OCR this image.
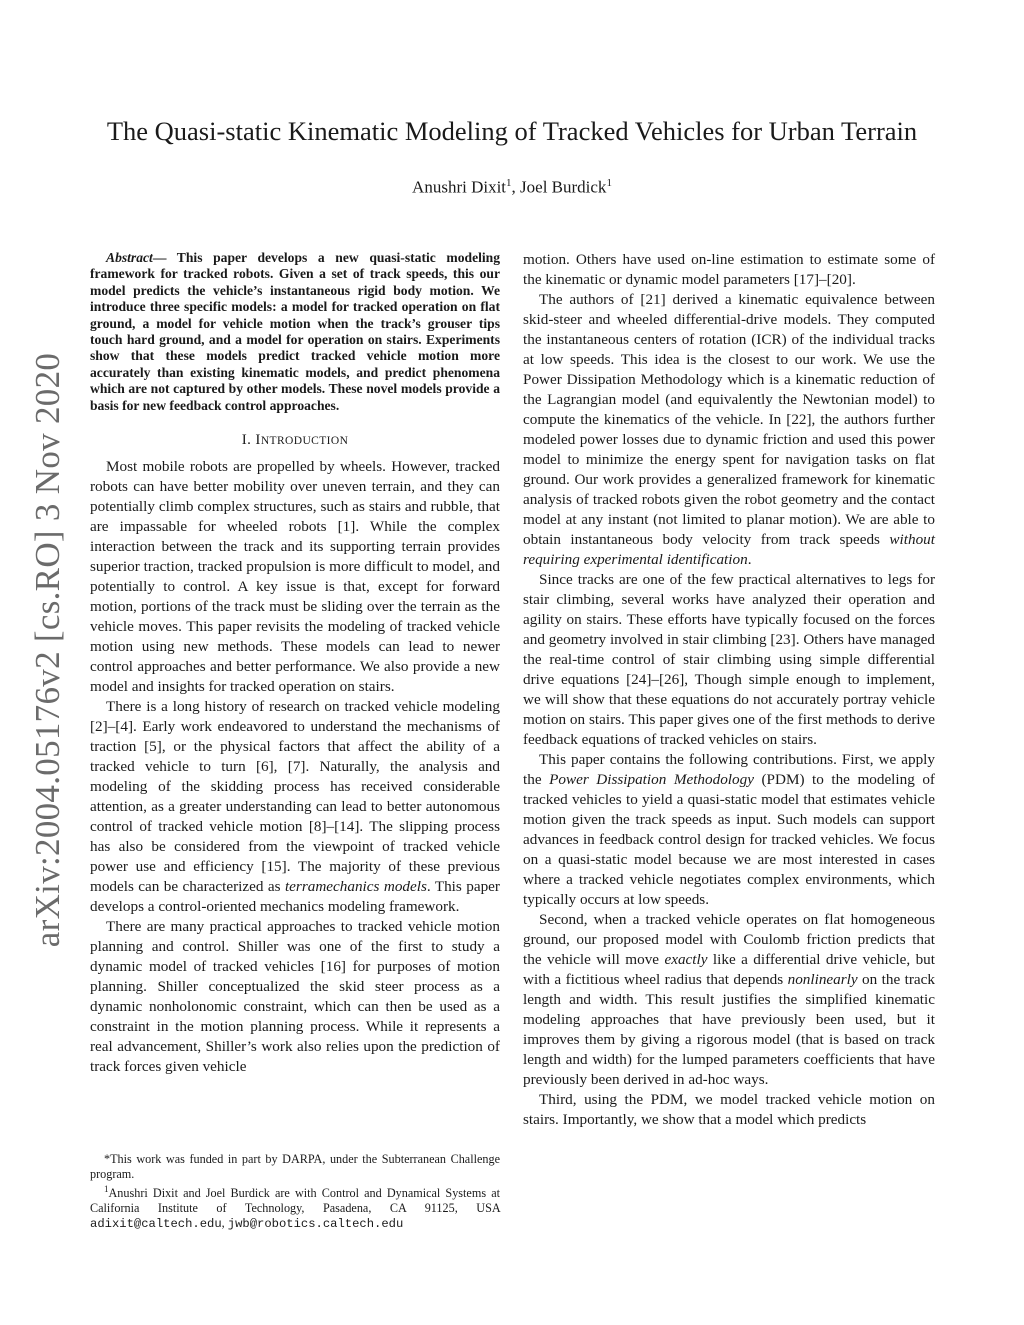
arXiv:2004.05176v2 [cs.RO] 3 Nov 2020
The Quasi-static Kinematic Modeling of Tracked Vehicles for Urban Terrain
Anushri Dixit$^1$, Joel Burdick$^1$

Abstract— This paper develops a new quasi-static modeling framework for tracked robots. Given a set of track speeds, this our model predicts the vehicle’s instantaneous rigid body motion. We introduce three specific models: a model for tracked operation on flat ground, a model for vehicle motion when the track’s grouser tips touch hard ground, and a model for operation on stairs. Experiments show that these models predict tracked vehicle motion more accurately than existing kinematic models, and predict phenomena which are not captured by other models. These novel models provide a basis for new feedback control approaches.

I. INTRODUCTION

Most mobile robots are propelled by wheels. However, tracked robots can have better mobility over uneven terrain, and they can potentially climb complex structures, such as stairs and rubble, that are impassable for wheeled robots [1]. While the complex interaction between the track and its supporting terrain provides superior traction, tracked propulsion is more difficult to model, and potentially to control. A key issue is that, except for forward motion, portions of the track must be sliding over the terrain as the vehicle moves. This paper revisits the modeling of tracked vehicle motion using new methods. These models can lead to newer control approaches and better performance. We also provide a new model and insights for tracked operation on stairs.

There is a long history of research on tracked vehicle modeling [2]–[4]. Early work endeavored to understand the mechanisms of traction [5], or the physical factors that affect the ability of a tracked vehicle to turn [6], [7]. Naturally, the analysis and modeling of the skidding process has received considerable attention, as a greater understanding can lead to better autonomous control of tracked vehicle motion [8]–[14]. The slipping process has also be considered from the viewpoint of tracked vehicle power use and efficiency [15]. The majority of these previous models can be characterized as terramechanics models. This paper develops a control-oriented mechanics modeling framework.

There are many practical approaches to tracked vehicle motion planning and control. Shiller was one of the first to study a dynamic model of tracked vehicles [16] for purposes of motion planning. Shiller conceptualized the skid steer process as a dynamic nonholonomic constraint, which can then be used as a constraint in the motion planning process. While it represents a real advancement, Shiller’s work also relies upon the prediction of track forces given vehicle

*This work was funded in part by DARPA, under the Subterranean Challenge program.

$^1$Anushri Dixit and Joel Burdick are with Control and Dynamical Systems at California Institute of Technology, Pasadena, CA 91125, USA adixit@caltech.edu, jwb@robotics.caltech.edu

motion. Others have used on-line estimation to estimate some of the kinematic or dynamic model parameters [17]–[20].

The authors of [21] derived a kinematic equivalence between skid-steer and wheeled differential-drive models. They computed the instantaneous centers of rotation (ICR) of the individual tracks at low speeds. This idea is the closest to our work. We use the Power Dissipation Methodology which is a kinematic reduction of the Lagrangian model (and equivalently the Newtonian model) to compute the kinematics of the vehicle. In [22], the authors further modeled power losses due to dynamic friction and used this power model to minimize the energy spent for navigation tasks on flat ground. Our work provides a generalized framework for kinematic analysis of tracked robots given the robot geometry and the contact model at any instant (not limited to planar motion). We are able to obtain instantaneous body velocity from track speeds without requiring experimental identification.

Since tracks are one of the few practical alternatives to legs for stair climbing, several works have analyzed their operation and agility on stairs. These efforts have typically focused on the forces and geometry involved in stair climbing [23]. Others have managed the real-time control of stair climbing using simple differential drive equations [24]–[26], Though simple enough to implement, we will show that these equations do not accurately portray vehicle motion on stairs. This paper gives one of the first methods to derive feedback equations of tracked vehicles on stairs.

This paper contains the following contributions. First, we apply the Power Dissipation Methodology (PDM) to the modeling of tracked vehicles to yield a quasi-static model that estimates vehicle motion given the track speeds as input. Such models can support advances in feedback control design for tracked vehicles. We focus on a quasi-static model because we are most interested in cases where a tracked vehicle negotiates complex environments, which typically occurs at low speeds.

Second, when a tracked vehicle operates on flat homogeneous ground, our proposed model with Coulomb friction predicts that the vehicle will move exactly like a differential drive vehicle, but with a fictitious wheel radius that depends nonlinearly on the track length and width. This result justifies the simplified kinematic modeling approaches that have previously been used, but it improves them by giving a rigorous model (that is based on track length and width) for the lumped parameters coefficients that have previously been derived in ad-hoc ways.

Third, using the PDM, we model tracked vehicle motion on stairs. Importantly, we show that a model which predicts
